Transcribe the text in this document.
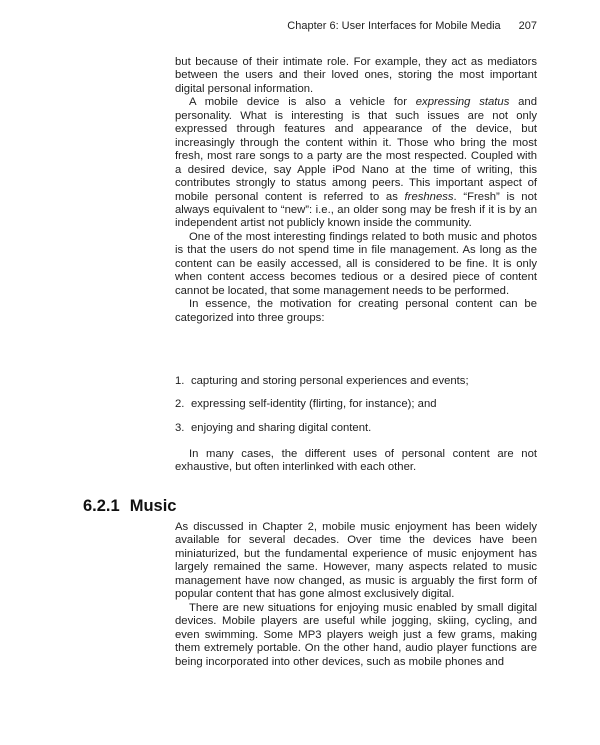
Chapter 6: User Interfaces for Mobile Media 207

but because of their intimate role. For example, they act as mediators between the users and their loved ones, storing the most important digital personal information.

A mobile device is also a vehicle for expressing status and personality. What is interesting is that such issues are not only expressed through features and appearance of the device, but increasingly through the content within it. Those who bring the most fresh, most rare songs to a party are the most respected. Coupled with a desired device, say Apple iPod Nano at the time of writing, this contributes strongly to status among peers. This important aspect of mobile personal content is referred to as freshness. “Fresh” is not always equivalent to “new”: i.e., an older song may be fresh if it is by an independent artist not publicly known inside the community.

One of the most interesting findings related to both music and photos is that the users do not spend time in file management. As long as the content can be easily accessed, all is considered to be fine. It is only when content access becomes tedious or a desired piece of content cannot be located, that some management needs to be performed.

In essence, the motivation for creating personal content can be categorized into three groups:

1. capturing and storing personal experiences and events;
2. expressing self-identity (flirting, for instance); and
3. enjoying and sharing digital content.

In many cases, the different uses of personal content are not exhaustive, but often interlinked with each other.

6.2.1 Music

As discussed in Chapter 2, mobile music enjoyment has been widely available for several decades. Over time the devices have been miniaturized, but the fundamental experience of music enjoyment has largely remained the same. However, many aspects related to music management have now changed, as music is arguably the first form of popular content that has gone almost exclusively digital.

There are new situations for enjoying music enabled by small digital devices. Mobile players are useful while jogging, skiing, cycling, and even swimming. Some MP3 players weigh just a few grams, making them extremely portable. On the other hand, audio player functions are being incorporated into other devices, such as mobile phones and
